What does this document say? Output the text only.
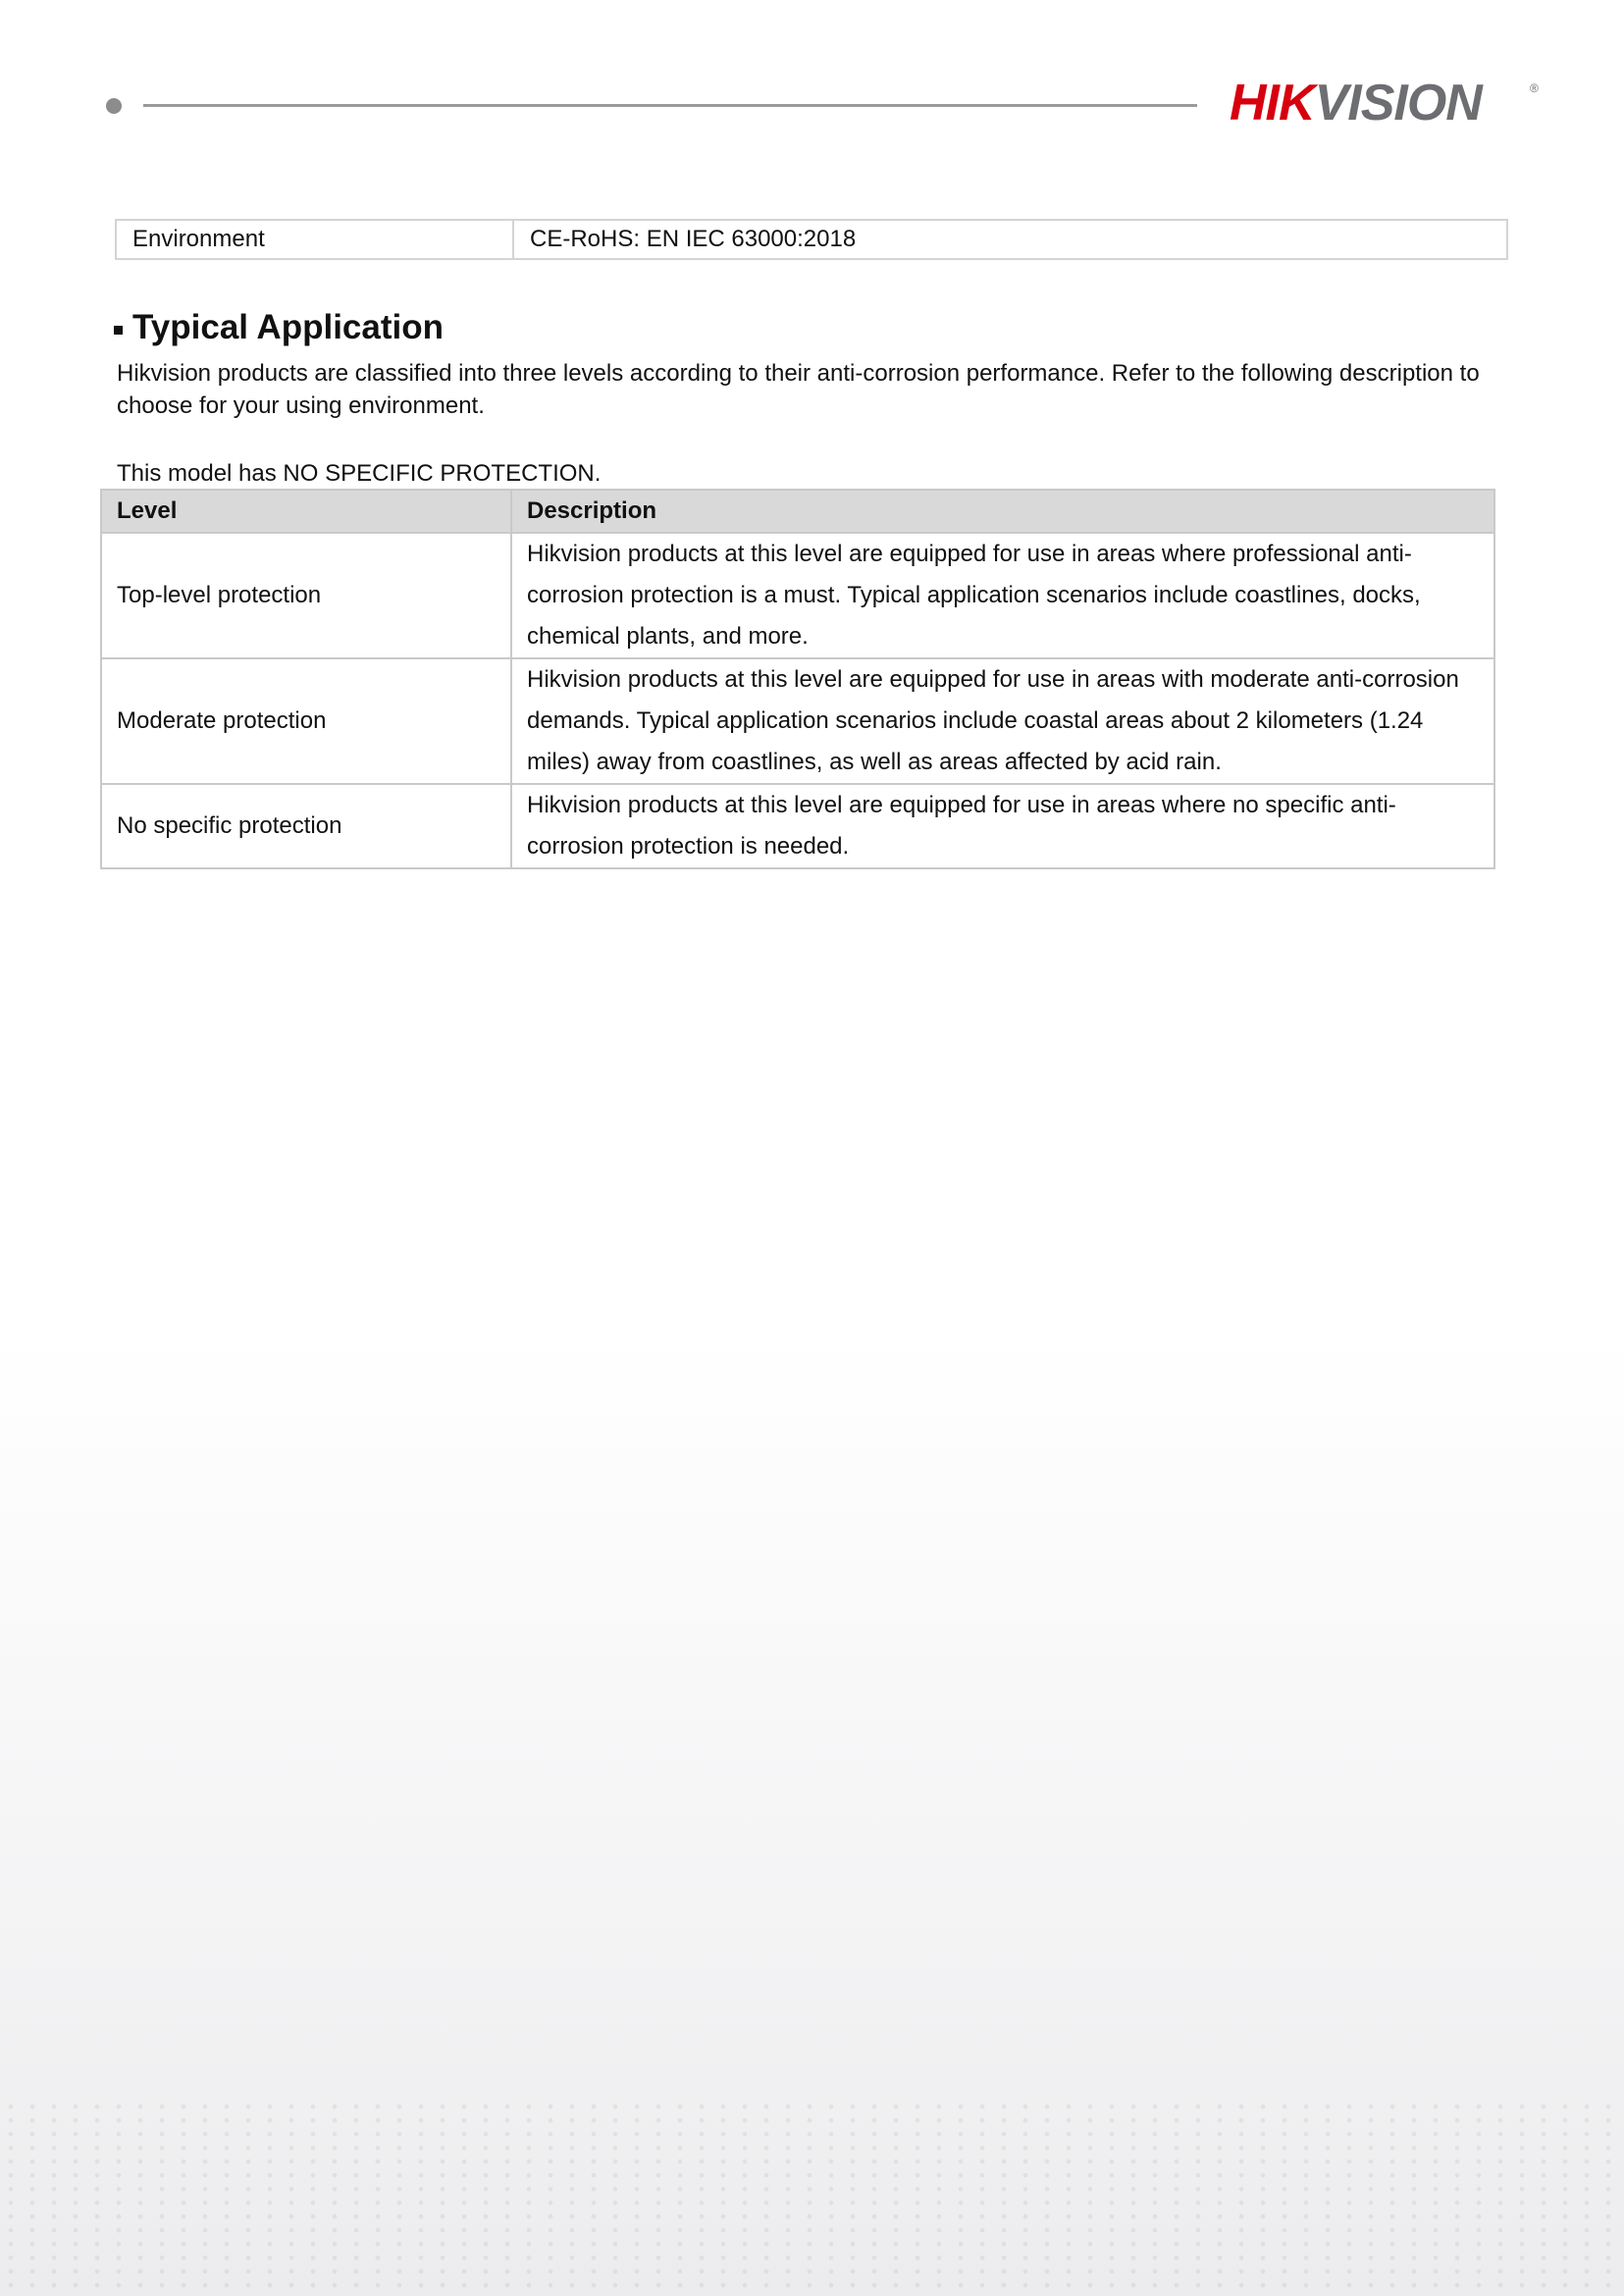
HIKVISION	®
Environment	CE-RoHS: EN IEC 63000:2018
Typical Application
Hikvision products are classified into three levels according to their anti-corrosion performance. Refer to the following description to choose for your using environment.
This model has NO SPECIFIC PROTECTION.
Level	Description
Top-level protection	Hikvision products at this level are equipped for use in areas where professional anti-corrosion protection is a must. Typical application scenarios include coastlines, docks, chemical plants, and more.
Moderate protection	Hikvision products at this level are equipped for use in areas with moderate anti-corrosion demands. Typical application scenarios include coastal areas about 2 kilometers (1.24 miles) away from coastlines, as well as areas affected by acid rain.
No specific protection	Hikvision products at this level are equipped for use in areas where no specific anti-corrosion protection is needed.
